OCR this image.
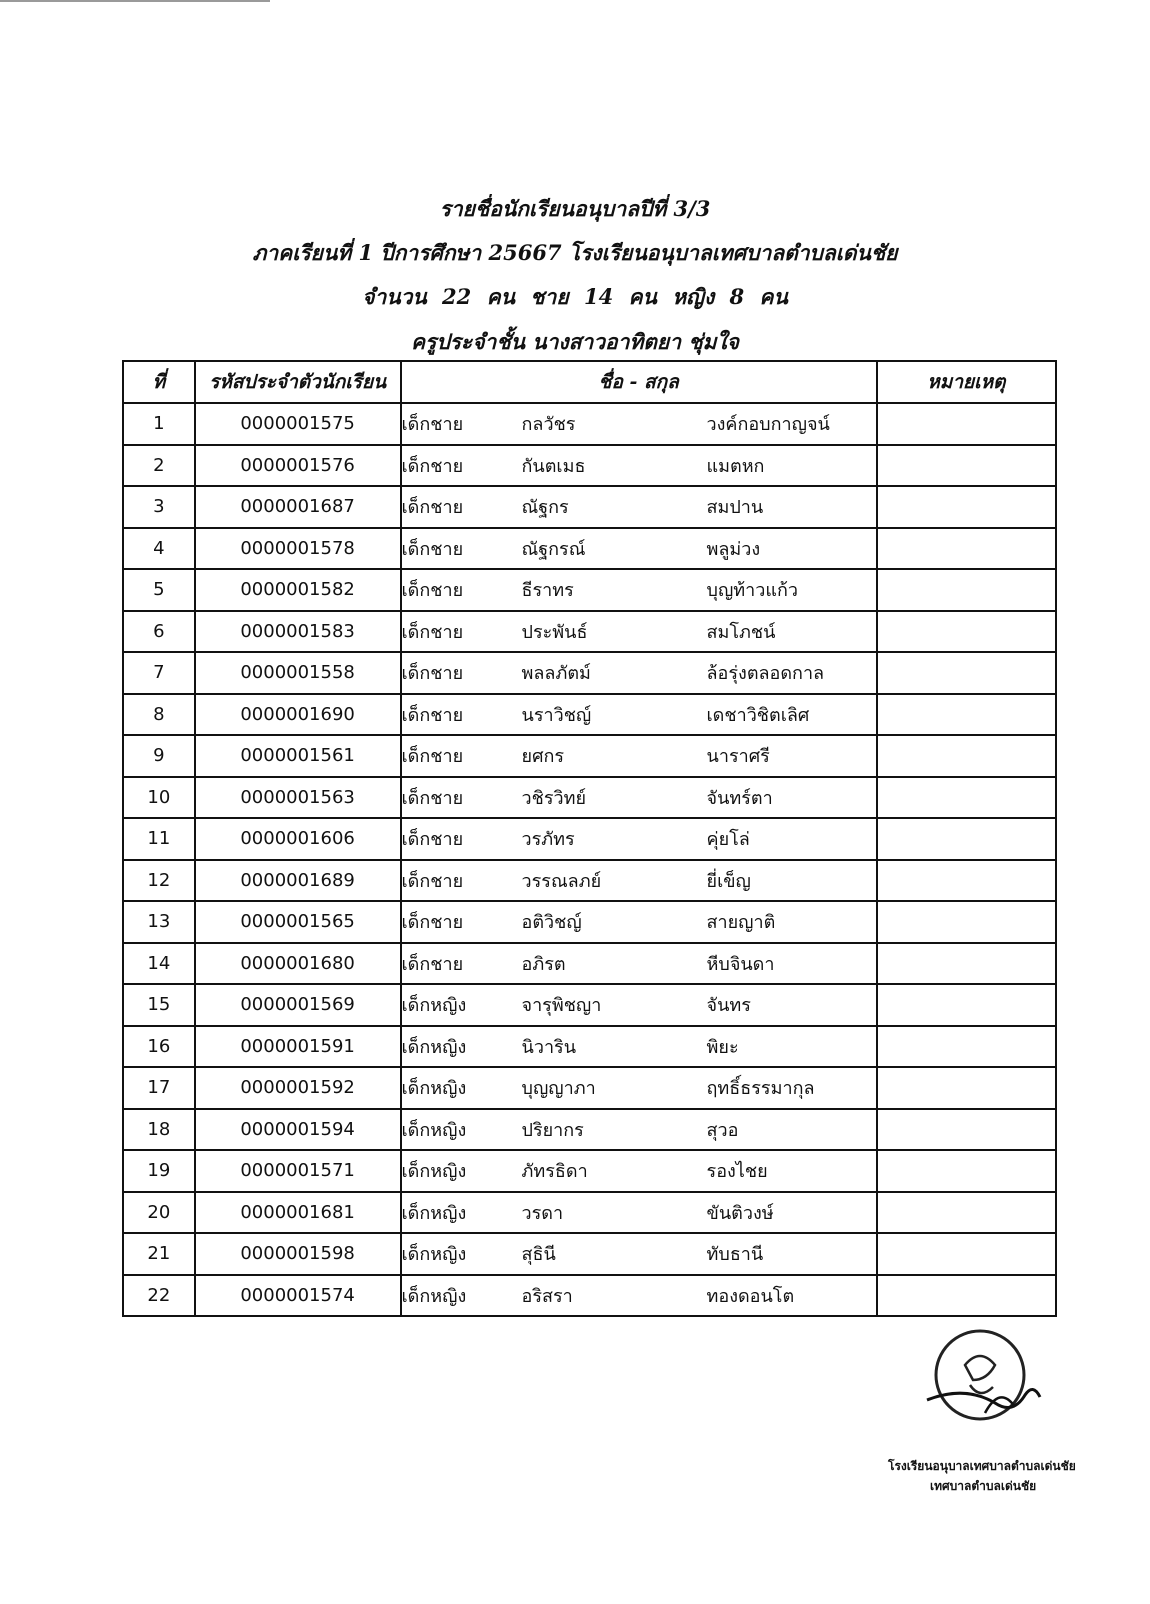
รายชื่อนักเรียนอนุบาลปีที่ 3/3
ภาคเรียนที่ 1 ปีการศึกษา 25667 โรงเรียนอนุบาลเทศบาลตำบลเด่นชัย
จำนวน 22 คน ชาย 14 คน หญิง 8 คน
ครูประจำชั้น นางสาวอาทิตยา ชุ่มใจ
ที่	รหัสประจำตัวนักเรียน	ชื่อ - สกุล	หมายเหตุ
1	0000001575	เด็กชาย กลวัชร วงค์กอบกาญจน์	
2	0000001576	เด็กชาย กันตเมธ แมตหก	
3	0000001687	เด็กชาย ณัฐกร สมปาน	
4	0000001578	เด็กชาย ณัฐกรณ์ พลูม่วง	
5	0000001582	เด็กชาย ธีราทร บุญท้าวแก้ว	
6	0000001583	เด็กชาย ประพันธ์ สมโภชน์	
7	0000001558	เด็กชาย พลลภัตม์ ล้อรุ่งตลอดกาล	
8	0000001690	เด็กชาย นราวิชญ์ เดชาวิชิตเลิศ	
9	0000001561	เด็กชาย ยศกร นาราศรี	
10	0000001563	เด็กชาย วชิรวิทย์ จันทร์ตา	
11	0000001606	เด็กชาย วรภัทร คุ่ยโล่	
12	0000001689	เด็กชาย วรรณลภย์ ยี่เข็ญ	
13	0000001565	เด็กชาย อติวิชญ์ สายญาติ	
14	0000001680	เด็กชาย อภิรต หีบจินดา	
15	0000001569	เด็กหญิง จารุพิชญา จันทร	
16	0000001591	เด็กหญิง นิวาริน พิยะ	
17	0000001592	เด็กหญิง บุญญาภา ฤทธิ์ธรรมากุล	
18	0000001594	เด็กหญิง ปริยากร สุวอ	
19	0000001571	เด็กหญิง ภัทรธิดา รองไชย	
20	0000001681	เด็กหญิง วรดา ขันติวงษ์	
21	0000001598	เด็กหญิง สุธินี ทับธานี	
22	0000001574	เด็กหญิง อริสรา ทองดอนโต	
โรงเรียนอนุบาลเทศบาลตำบลเด่นชัย
เทศบาลตำบลเด่นชัย
